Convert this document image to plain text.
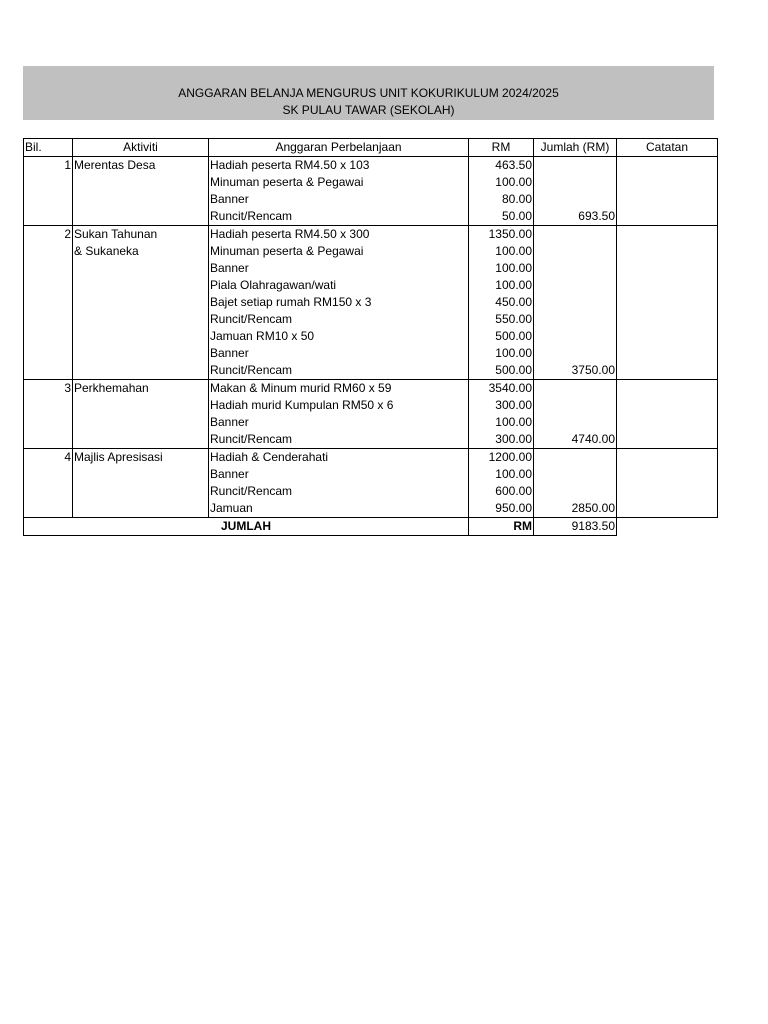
ANGGARAN BELANJA MENGURUS UNIT KOKURIKULUM 2024/2025
SK PULAU TAWAR (SEKOLAH)
Bil.	Aktiviti	Anggaran Perbelanjaan	RM	Jumlah (RM)	Catatan
1	Merentas Desa	Hadiah peserta RM4.50 x 103	463.50		
		Minuman peserta & Pegawai	100.00		
		Banner	80.00		
		Runcit/Rencam	50.00	693.50	
2	Sukan Tahunan	Hadiah peserta RM4.50 x 300	1350.00		
	& Sukaneka	Minuman peserta & Pegawai	100.00		
		Banner	100.00		
		Piala Olahragawan/wati	100.00		
		Bajet setiap rumah RM150 x 3	450.00		
		Runcit/Rencam	550.00		
		Jamuan RM10 x 50	500.00		
		Banner	100.00		
		Runcit/Rencam	500.00	3750.00	
3	Perkhemahan	Makan & Minum murid RM60 x 59	3540.00		
		Hadiah murid Kumpulan RM50 x 6	300.00		
		Banner	100.00		
		Runcit/Rencam	300.00	4740.00	
4	Majlis Apresisasi	Hadiah & Cenderahati	1200.00		
		Banner	100.00		
		Runcit/Rencam	600.00		
		Jamuan	950.00	2850.00	
JUMLAH			RM	9183.50	
